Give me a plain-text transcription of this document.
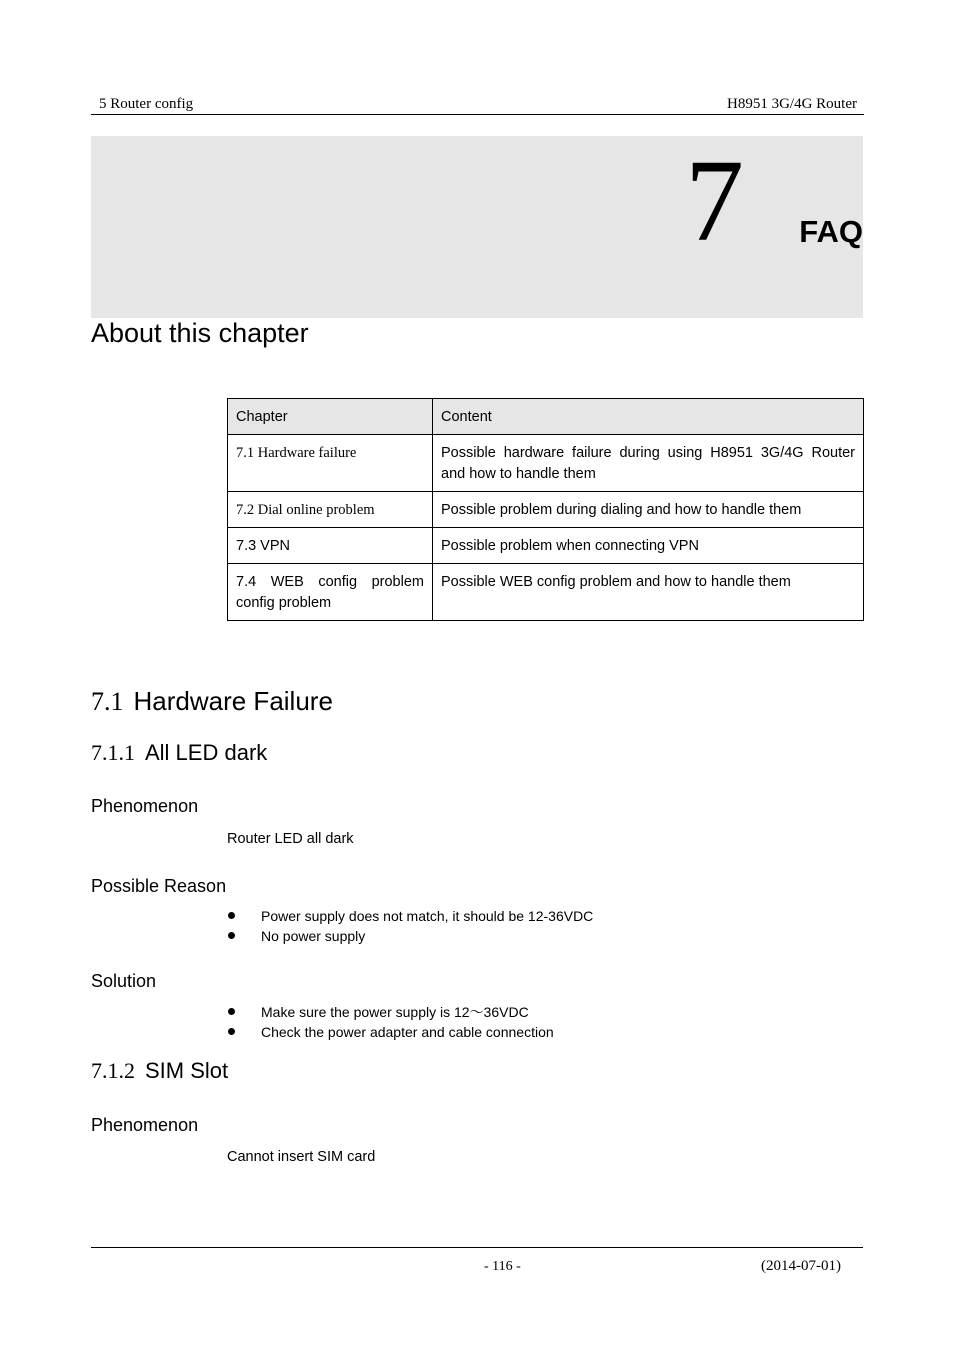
5 Router config	H8951 3G/4G Router
7 FAQ
About this chapter
Chapter	Content
7.1 Hardware failure	Possible hardware failure during using H8951 3G/4G Router and how to handle them
7.2 Dial online problem	Possible problem during dialing and how to handle them
7.3 VPN	Possible problem when connecting VPN
7.4 WEB config problem config problem	Possible WEB config problem and how to handle them
7.1 Hardware Failure
7.1.1 All LED dark
Phenomenon
Router LED all dark
Possible Reason
Power supply does not match, it should be 12-36VDC
No power supply
Solution
Make sure the power supply is 12～36VDC
Check the power adapter and cable connection
7.1.2 SIM Slot
Phenomenon
Cannot insert SIM card
- 116 -	(2014-07-01)
